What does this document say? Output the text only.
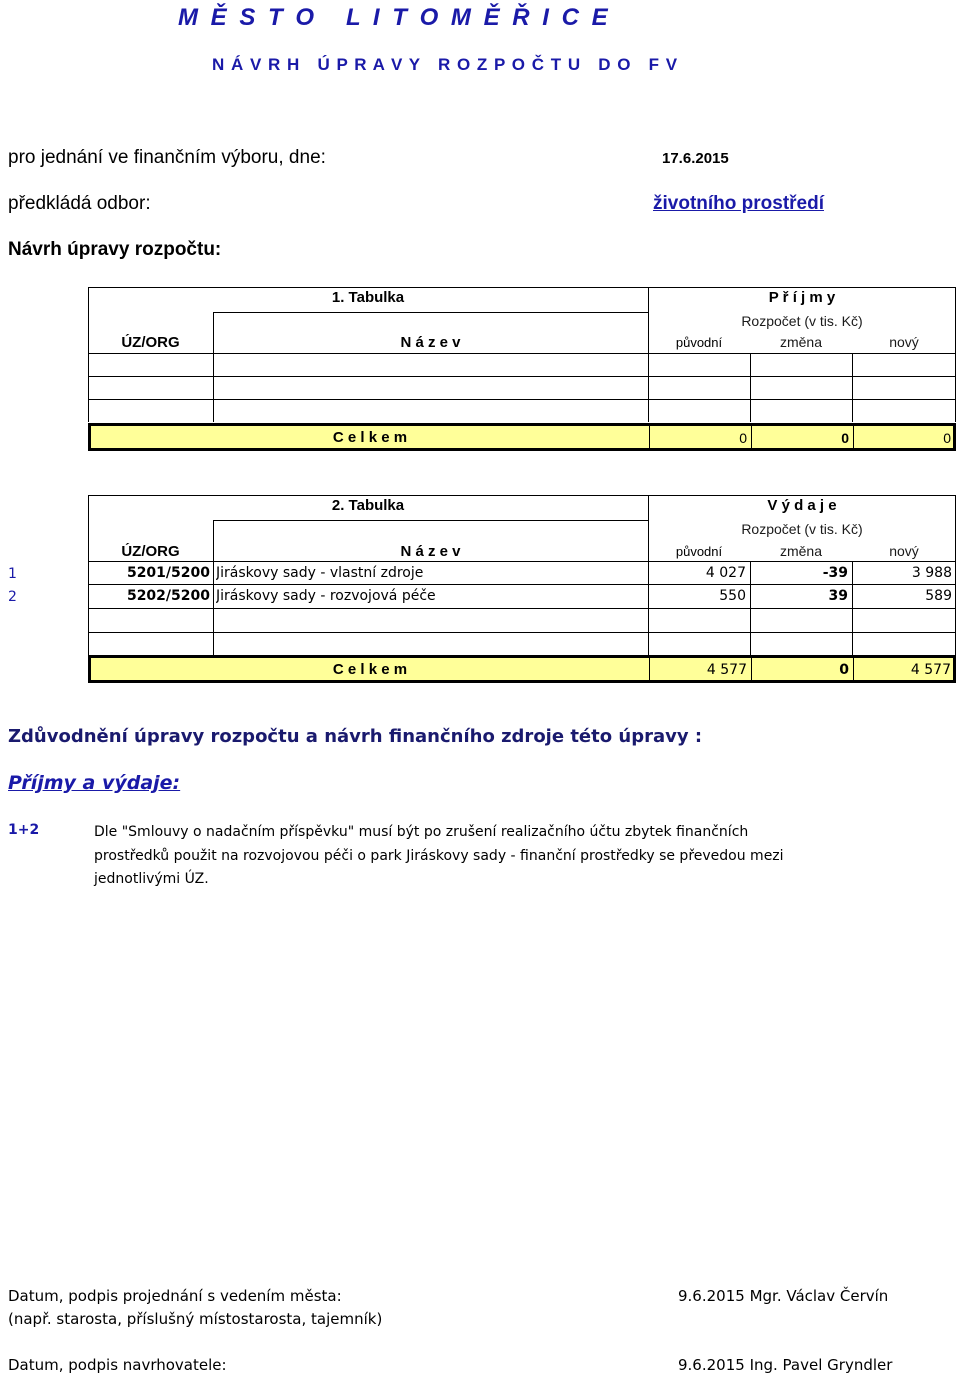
M Ě S T O   L I T O M Ě Ř I C E
N Á V R H   Ú P R A V Y   R O Z P O Č T U   D O   F V
pro jednání ve finančním výboru, dne:	17.6.2015
předkládá odbor:	životního prostředí
Návrh úpravy rozpočtu:
1. Tabulka	P ř í j m y
Rozpočet (v tis. Kč)
ÚZ/ORG	N á z e v	původní	změna	nový
C e l k e m	0	0	0
2. Tabulka	V ý d a j e
Rozpočet (v tis. Kč)
ÚZ/ORG	N á z e v	původní	změna	nový
5201/5200 Jiráskovy sady - vlastní zdroje	4 027	-39	3 988
5202/5200 Jiráskovy sady - rozvojová péče	550	39	589
1
2
C e l k e m	4 577	0	4 577
Zdůvodnění úpravy rozpočtu a návrh finančního zdroje této úpravy :
Příjmy a výdaje:
1+2	Dle "Smlouvy o nadačním příspěvku" musí být po zrušení realizačního účtu zbytek finančních prostředků použit na rozvojovou péči o park Jiráskovy sady - finanční prostředky se převedou mezi jednotlivými ÚZ.
Datum, podpis projednání s vedením města:	9.6.2015 Mgr. Václav Červín
(např. starosta, příslušný místostarosta, tajemník)
Datum, podpis navrhovatele:	9.6.2015 Ing. Pavel Gryndler
